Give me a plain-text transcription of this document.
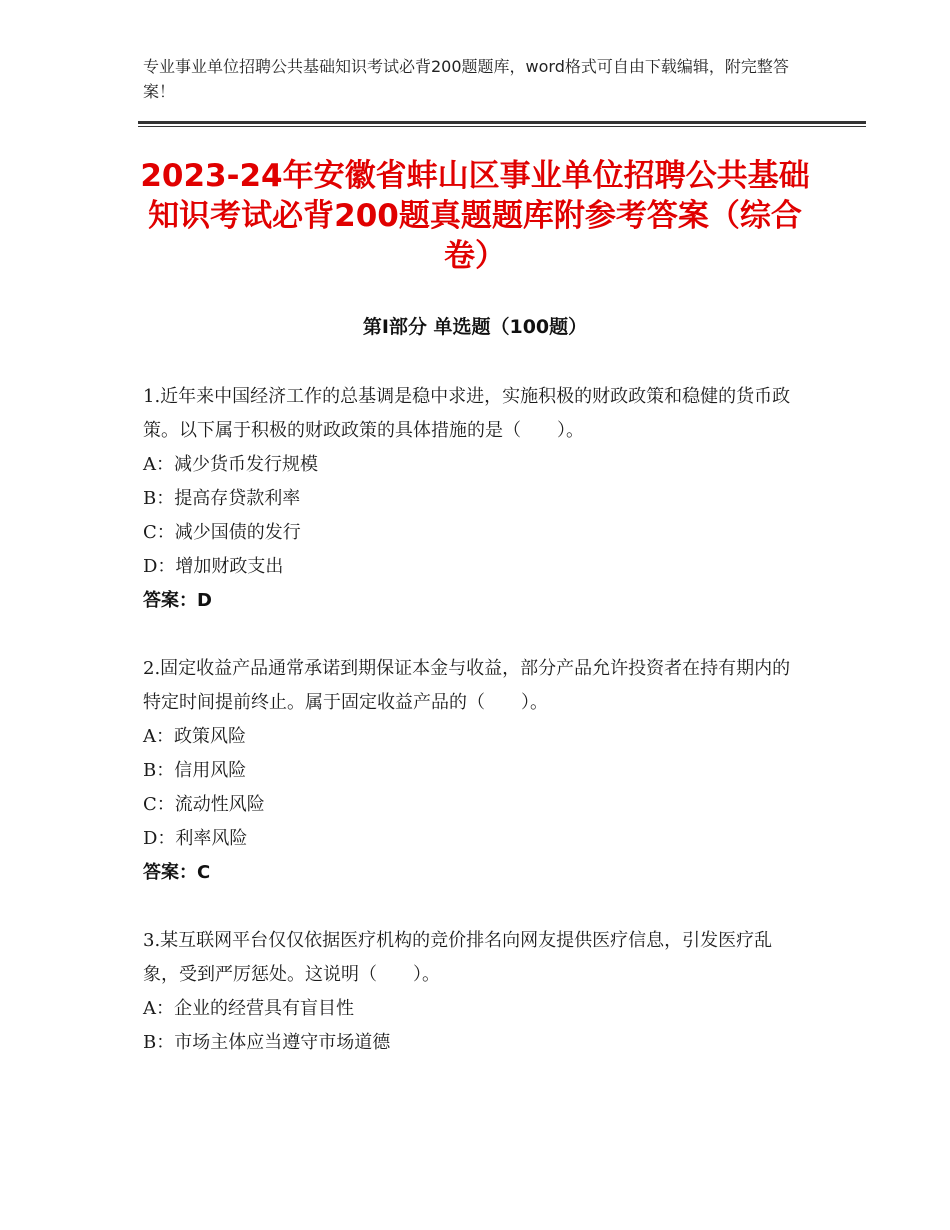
专业事业单位招聘公共基础知识考试必背200题题库，word格式可自由下载编辑，附完整答案！
2023-24年安徽省蚌山区事业单位招聘公共基础知识考试必背200题真题题库附参考答案（综合卷）
第Ⅰ部分 单选题（100题）
1.近年来中国经济工作的总基调是稳中求进，实施积极的财政政策和稳健的货币政策。以下属于积极的财政政策的具体措施的是（　　）。
A：减少货币发行规模
B：提高存贷款利率
C：减少国债的发行
D：增加财政支出
答案：D
2.固定收益产品通常承诺到期保证本金与收益，部分产品允许投资者在持有期内的特定时间提前终止。属于固定收益产品的（　　）。
A：政策风险
B：信用风险
C：流动性风险
D：利率风险
答案：C
3.某互联网平台仅仅依据医疗机构的竞价排名向网友提供医疗信息，引发医疗乱象，受到严厉惩处。这说明（　　）。
A：企业的经营具有盲目性
B：市场主体应当遵守市场道德
